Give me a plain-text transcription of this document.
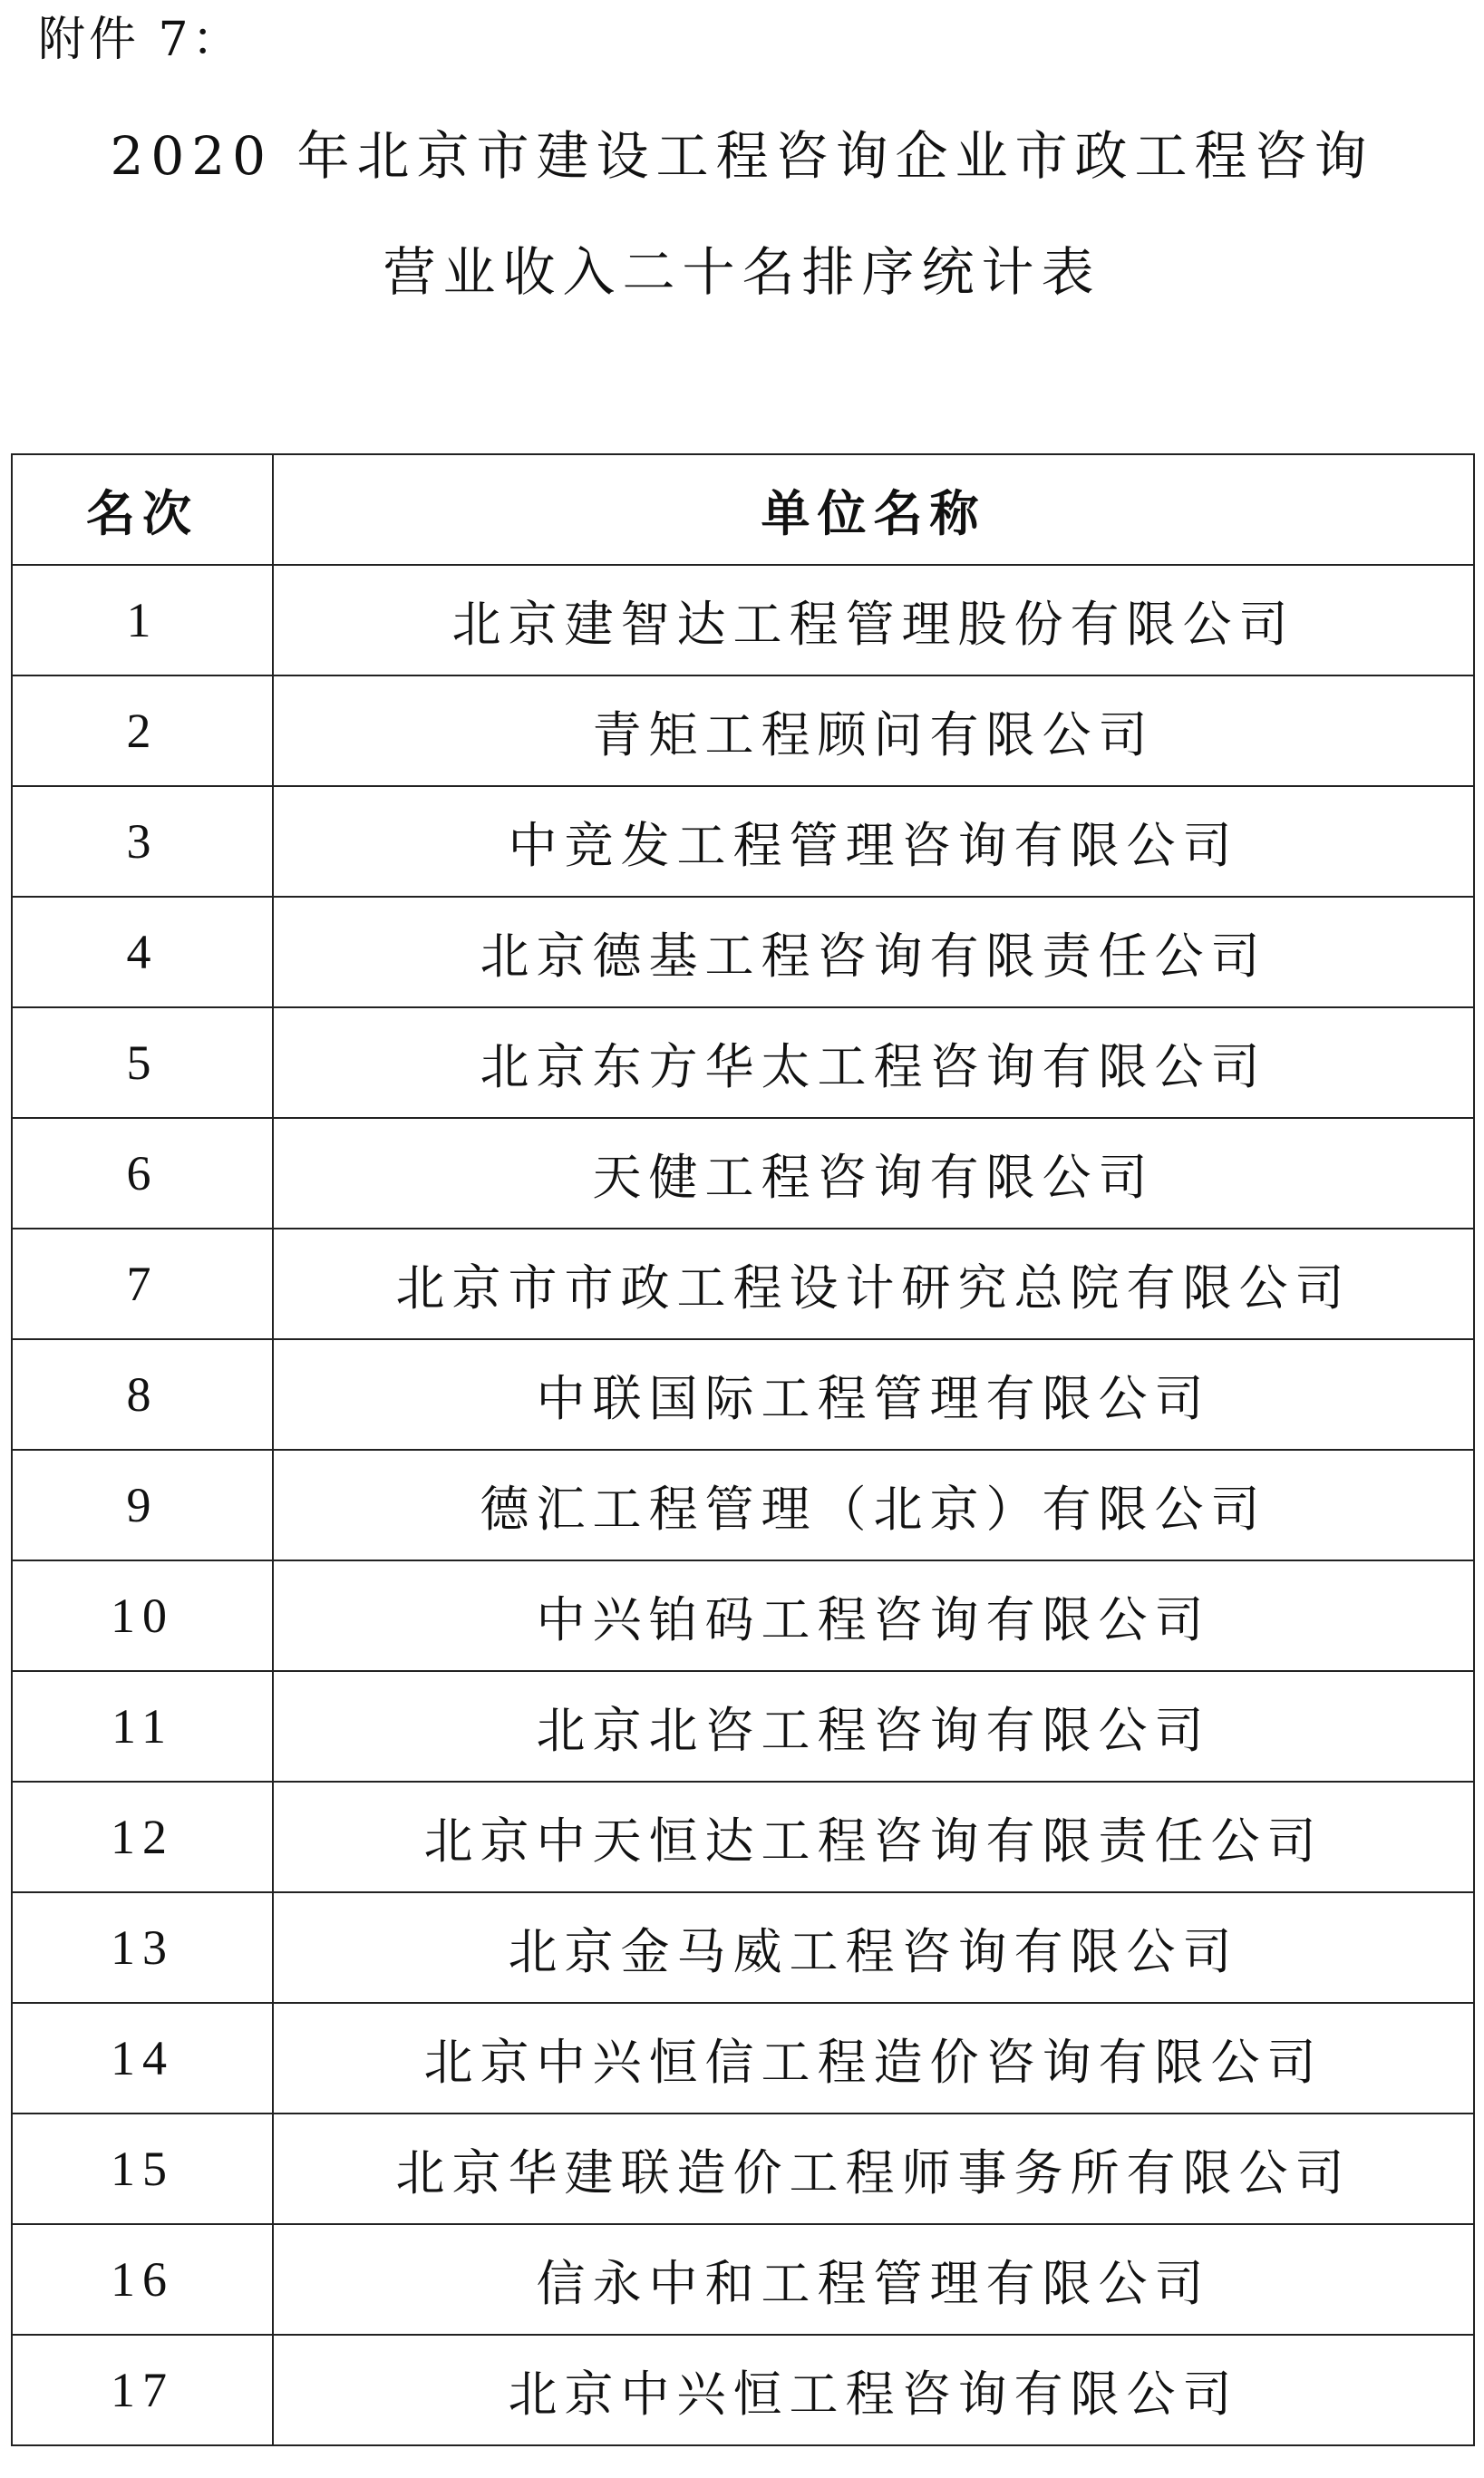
附件 7：
2020 年北京市建设工程咨询企业市政工程咨询
营业收入二十名排序统计表
名次	单位名称
1	北京建智达工程管理股份有限公司
2	青矩工程顾问有限公司
3	中竞发工程管理咨询有限公司
4	北京德基工程咨询有限责任公司
5	北京东方华太工程咨询有限公司
6	天健工程咨询有限公司
7	北京市市政工程设计研究总院有限公司
8	中联国际工程管理有限公司
9	德汇工程管理（北京）有限公司
10	中兴铂码工程咨询有限公司
11	北京北咨工程咨询有限公司
12	北京中天恒达工程咨询有限责任公司
13	北京金马威工程咨询有限公司
14	北京中兴恒信工程造价咨询有限公司
15	北京华建联造价工程师事务所有限公司
16	信永中和工程管理有限公司
17	北京中兴恒工程咨询有限公司
